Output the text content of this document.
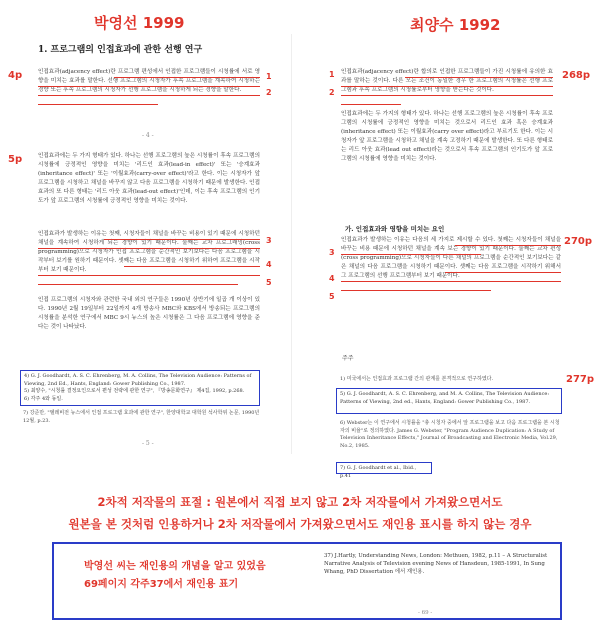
박영선 1999	최양수 1992
1. 프로그램의 인접효과에 관한 선행 연구
4p	인접효과(adjacency effect)란 프로그램 편성에서 인접한 프로그램들이 시청률에 서로 영향을 미치는 효과를 말한다. 선행 프로그램의 시청자가 후속 프로그램을 계속하여 시청하는 경향 또는 후속 프로그램의 시청자가 선행 프로그램을 시청하게 되는 경향을 말한다.
1
2
- 4 -
5p	인접효과에는 두 가지 형태가 있다. 하나는 선행 프로그램의 높은 시청률이 후속 프로그램의 시청률에 긍정적인 영향을 미치는 '리드인 효과(lead-in effect)' 또는 '승계효과(inheritance effect)' 또는 '이월효과(carry-over effect)'라고 한다. 이는 시청자가 앞 프로그램을 시청하고 채널을 바꾸지 않고 다음 프로그램을 시청하기 때문에 발생한다. 인접효과의 또 다른 형태는 '리드 아웃 효과(lead-out effect)'인데, 이는 후속 프로그램의 인기도가 앞 프로그램의 시청률에 긍정적인 영향을 미치는 것이다.
인접효과가 발생하는 이유는 첫째, 시청자들이 채널을 바꾸는 비용이 있기 때문에 시청하던 채널을 계속하여 시청하게 되는 경향이 있기 때문이다. 둘째는 교차 프로그래밍(cross programming)으로 시청자가 인접 프로그램을 순간적인 보기보다는 다음 프로그램을 시작부터 보기를 원하기 때문이다. 셋째는 다음 프로그램을 시청하기 위하여 프로그램을 시작부터 보기 때문이다.
3
4
5
인접 프로그램의 시청자와 관련한 국내 외의 연구들은 1990년 상반기에 일곱 개 이상이 있다. 1990년 2월 19일부터 22일까지 4개 방송사 MBC와 KBS에서 방송되는 프로그램의 시청률을 분석한 연구에서 MBC 9시 뉴스의 높은 시청률은 그 다음 프로그램에 영향을 준다는 것이 나타났다.
4) G. J. Goodhardt, A. S. C. Ehrenberg, M. A. Collins, The Television Audience: Patterns of Viewing, 2nd Ed., Hants, England: Gower Publishing Co., 1987.
5) 최양수, "시청률 결정요인으로서 편성 전략에 관한 연구", 『방송문화연구』 제4집, 1992, p.268.
6) 각주 4와 동일.
7) 강준만, "텔레비전 뉴스에서 인접 프로그램 효과에 관한 연구", 한양대학교 대학원 석사학위 논문, 1990년 12월, p.23.
- 5 -
인접효과(adjacency effect)란 합의로 인접한 프로그램들이 가진 시청률에 유의한 효과를 말하는 것이다. 다른 모든 조건이 동일한 경우 한 프로그램의 시청률은 선행 프로그램과 후속 프로그램의 시청률로부터 영향을 받는다는 것이다.
1
2
268p
인접효과에는 두 가지의 형태가 있다. 하나는 선행 프로그램의 높은 시청률이 후속 프로그램의 시청률에 긍정적인 영향을 미치는 것으로서 리드인 효과 혹은 승계효과(inheritance effect) 또는 이월효과(carry over effect)라고 부르기도 한다. 이는 시청자가 앞 프로그램을 시청하고 채널을 계속 고정하기 때문에 발생한다. 또 다른 형태로는 리드 아웃 효과(lead out effect)라는 것으로서 후속 프로그램의 인기도가 앞 프로그램의 시청률에 영향을 미치는 것이다.
가. 인접효과와 영향을 미치는 요인
270p
인접효과가 발생하는 이유는 다음의 세 가지로 제시할 수 있다. 첫째는 시청자들이 채널을 바꾸는 비용 때문에 시청하던 채널을 계속 보는 경향이 있기 때문이다. 둘째는 교차 편성(cross programming)으로 시청자들이 다른 채널의 프로그램을 순간적인 보기보다는 같은 채널의 다음 프로그램을 시청하기 때문이다. 셋째는 다음 프로그램을 시작하기 위해서 그 프로그램의 선행 프로그램부터 보기 때문이다.
3
4
5
주주
1) 미국에서는 인접효과 프로그램 간의 관계를 본격적으로 연구하였다.	277p
5) G. J. Goodhardt, A. S. C. Ehrenberg, and M. A. Collins, The Television Audience: Patterns of Viewing, 2nd ed., Hants, England: Gower Publishing Co., 1987.
6) Webster는 이 연구에서 시청률을 "총 시청자 중에서 앞 프로그램을 보고 다음 프로그램을 본 시청자의 비율"로 정의하였다. James G. Webster, "Program Audience Duplication: A Study of Television Inheritance Effects," Journal of Broadcasting and Electronic Media, Vol.29, No.2, 1985.
7) G. J. Goodhardt et al., Ibid., p.41
2차적 저작물의 표절 : 원본에서 직접 보지 않고 2차 저작물에서 가져왔으면서도
원본을 본 것처럼 인용하거나 2차 저작물에서 가져왔으면서도 재인용 표시를 하지 않는 경우
박영선 씨는 재인용의 개념을 알고 있었음
69페이지 각주37에서 재인용 표기
37) J.Hartly, Understanding News, London: Methuen, 1982, p.11 – A Structuralist Narrative Analysis of Television evening News of Hansdeun, 1985-1991, In Sung Whang, PhD Dissertation 에서 재인용.
- 69 -
